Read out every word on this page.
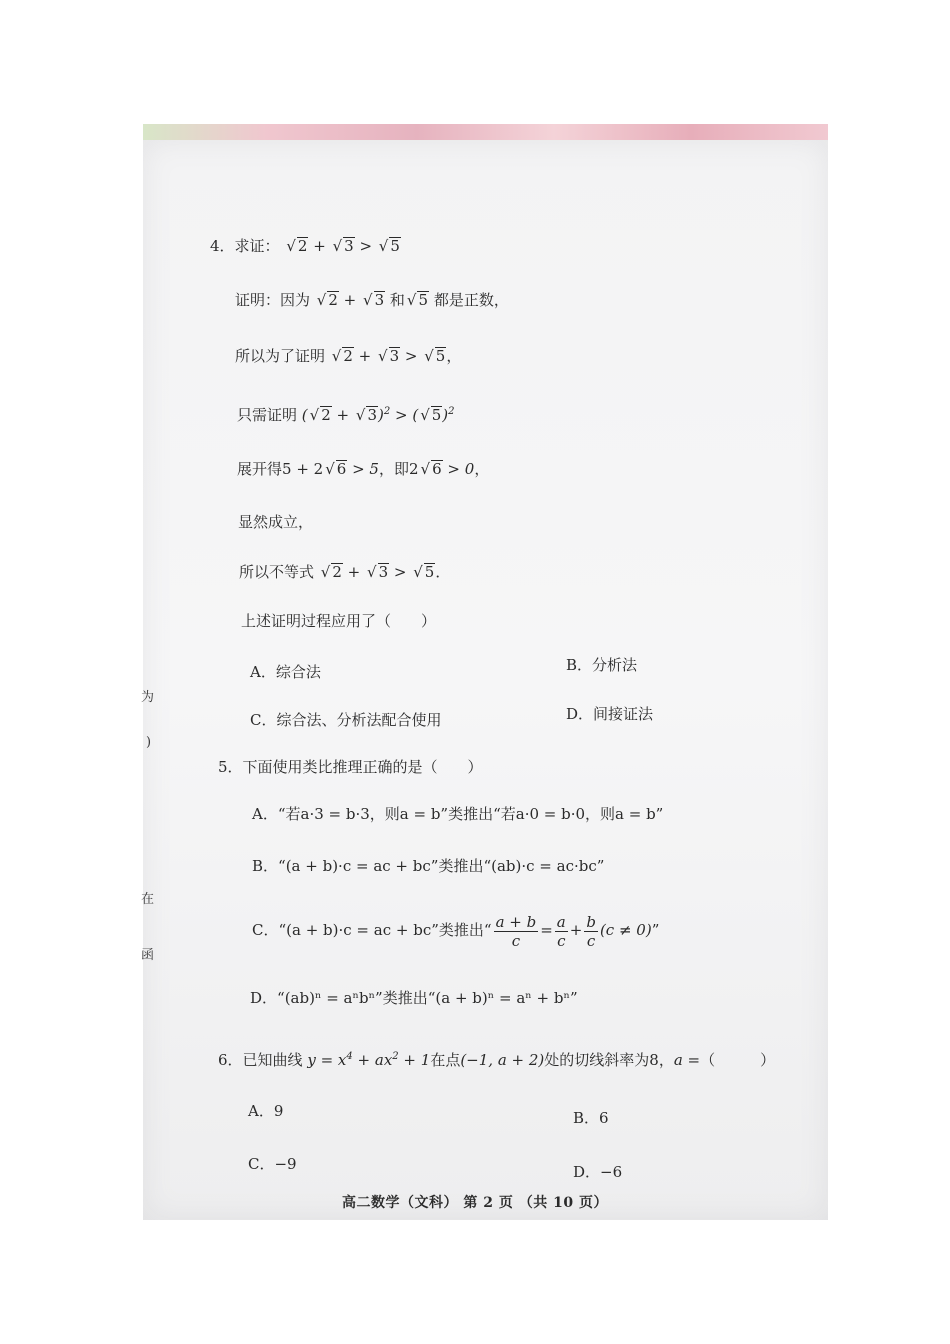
为
)
在
函
4．求证： √ 2 + √ 3 > √ 5
证明：因为 √ 2 + √ 3 和 √ 5 都是正数，
所以为了证明 √ 2 + √ 3 > √ 5，
只需证明 ( √ 2 + √ 3)$^2$ > ( √ 5)$^2$
展开得5 + 2 √ 6 > 5，即2 √ 6 > 0，
显然成立，
所以不等式 √ 2 + √ 3 > √ 5．
上述证明过程应用了（　　）
A．综合法	B．分析法
C．综合法、分析法配合使用	D．间接证法
5．下面使用类比推理正确的是（　　）
A．“若a·3 = b·3，则a = b”类推出“若a·0 = b·0，则a = b”
B．“(a + b)·c = ac + bc”类推出“(ab)·c = ac·bc”
C．“(a + b)·c = ac + bc”类推出“ $\frac{a + b}{c} = \frac{a}{c} + \frac{b}{c} (c \ne 0)$”
D．“(ab)ⁿ = aⁿbⁿ”类推出“(a + b)ⁿ = aⁿ + bⁿ”
6．已知曲线 $y = x^4 + ax^2 + 1$在点(−1, a + 2)处的切线斜率为8，a =（　　　）
A．9	B．6
C．−9	D．−6
高二数学（文科） 第 2 页 （共 10 页）
